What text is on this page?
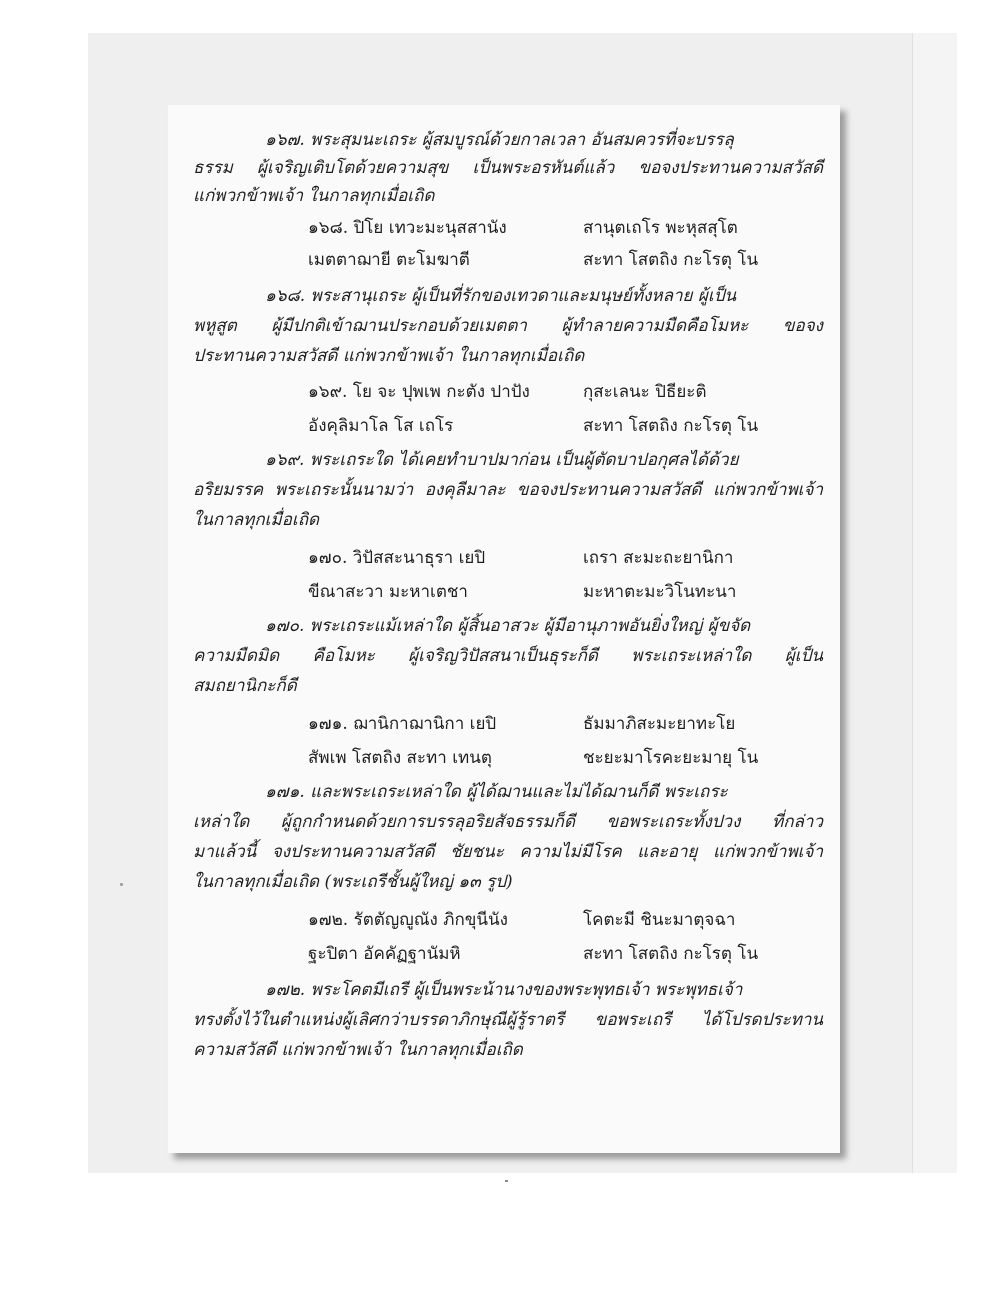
๑๖๗. พระสุมนะเถระ ผู้สมบูรณ์ด้วยกาลเวลา อันสมควรที่จะบรรลุ
ธรรม ผู้เจริญเติบโตด้วยความสุข เป็นพระอรหันต์แล้ว ขอจงประทานความสวัสดี
แก่พวกข้าพเจ้า ในกาลทุกเมื่อเถิด
๑๖๘. ปิโย เทวะมะนุสสานัง	สานุตเถโร พะหุสสุโต
เมตตาฌายี ตะโมฆาตี	สะทา โสตถิง กะโรตุ โน
๑๖๘. พระสานุเถระ ผู้เป็นที่รักของเทวดาและมนุษย์ทั้งหลาย ผู้เป็น
พหูสูต ผู้มีปกติเข้าฌานประกอบด้วยเมตตา ผู้ทำลายความมืดคือโมหะ ขอจง
ประทานความสวัสดี แก่พวกข้าพเจ้า ในกาลทุกเมื่อเถิด
๑๖๙. โย จะ ปุพเพ กะตัง ปาปัง	กุสะเลนะ ปิธียะติ
อังคุลิมาโล โส เถโร	สะทา โสตถิง กะโรตุ โน
๑๖๙. พระเถระใด ได้เคยทำบาปมาก่อน เป็นผู้ตัดบาปอกุศลได้ด้วย
อริยมรรค พระเถระนั้นนามว่า องคุลีมาละ ขอจงประทานความสวัสดี แก่พวกข้าพเจ้า
ในกาลทุกเมื่อเถิด
๑๗๐. วิปัสสะนาธุรา เยปิ	เถรา สะมะถะยานิกา
ขีณาสะวา มะหาเตชา	มะหาตะมะวิโนทะนา
๑๗๐. พระเถระแม้เหล่าใด ผู้สิ้นอาสวะ ผู้มีอานุภาพอันยิ่งใหญ่ ผู้ขจัด
ความมืดมิด คือโมหะ ผู้เจริญวิปัสสนาเป็นธุระก็ดี พระเถระเหล่าใด ผู้เป็น
สมถยานิกะก็ดี
๑๗๑. ฌานิกาฌานิกา เยปิ	ธัมมาภิสะมะยาทะโย
สัพเพ โสตถิง สะทา เทนตุ	ชะยะมาโรคะยะมายุ โน
๑๗๑. และพระเถระเหล่าใด ผู้ได้ฌานและไม่ได้ฌานก็ดี พระเถระ
เหล่าใด ผู้ถูกกำหนดด้วยการบรรลุอริยสัจธรรมก็ดี ขอพระเถระทั้งปวง ที่กล่าว
มาแล้วนี้ จงประทานความสวัสดี ชัยชนะ ความไม่มีโรค และอายุ แก่พวกข้าพเจ้า
ในกาลทุกเมื่อเถิด (พระเถรีชั้นผู้ใหญ่ ๑๓ รูป)
๑๗๒. รัตตัญญูณัง ภิกขุนีนัง	โคตะมี ชินะมาตุจฉา
ฐะปิตา อัคคัฏฐานัมหิ	สะทา โสตถิง กะโรตุ โน
๑๗๒. พระโคตมีเถรี ผู้เป็นพระน้านางของพระพุทธเจ้า พระพุทธเจ้า
ทรงตั้งไว้ในตำแหน่งผู้เลิศกว่าบรรดาภิกษุณีผู้รู้ราตรี ขอพระเถรี ได้โปรดประทาน
ความสวัสดี แก่พวกข้าพเจ้า ในกาลทุกเมื่อเถิด
